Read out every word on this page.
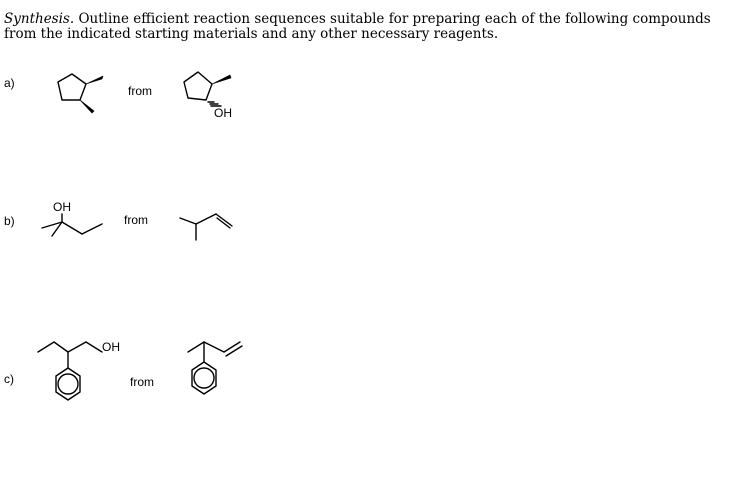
Synthesis. Outline efficient reaction sequences suitable for preparing each of the following compounds from the indicated starting materials and any other necessary reagents.
a)
from
OH
b)
OH
from
c)
OH
from
